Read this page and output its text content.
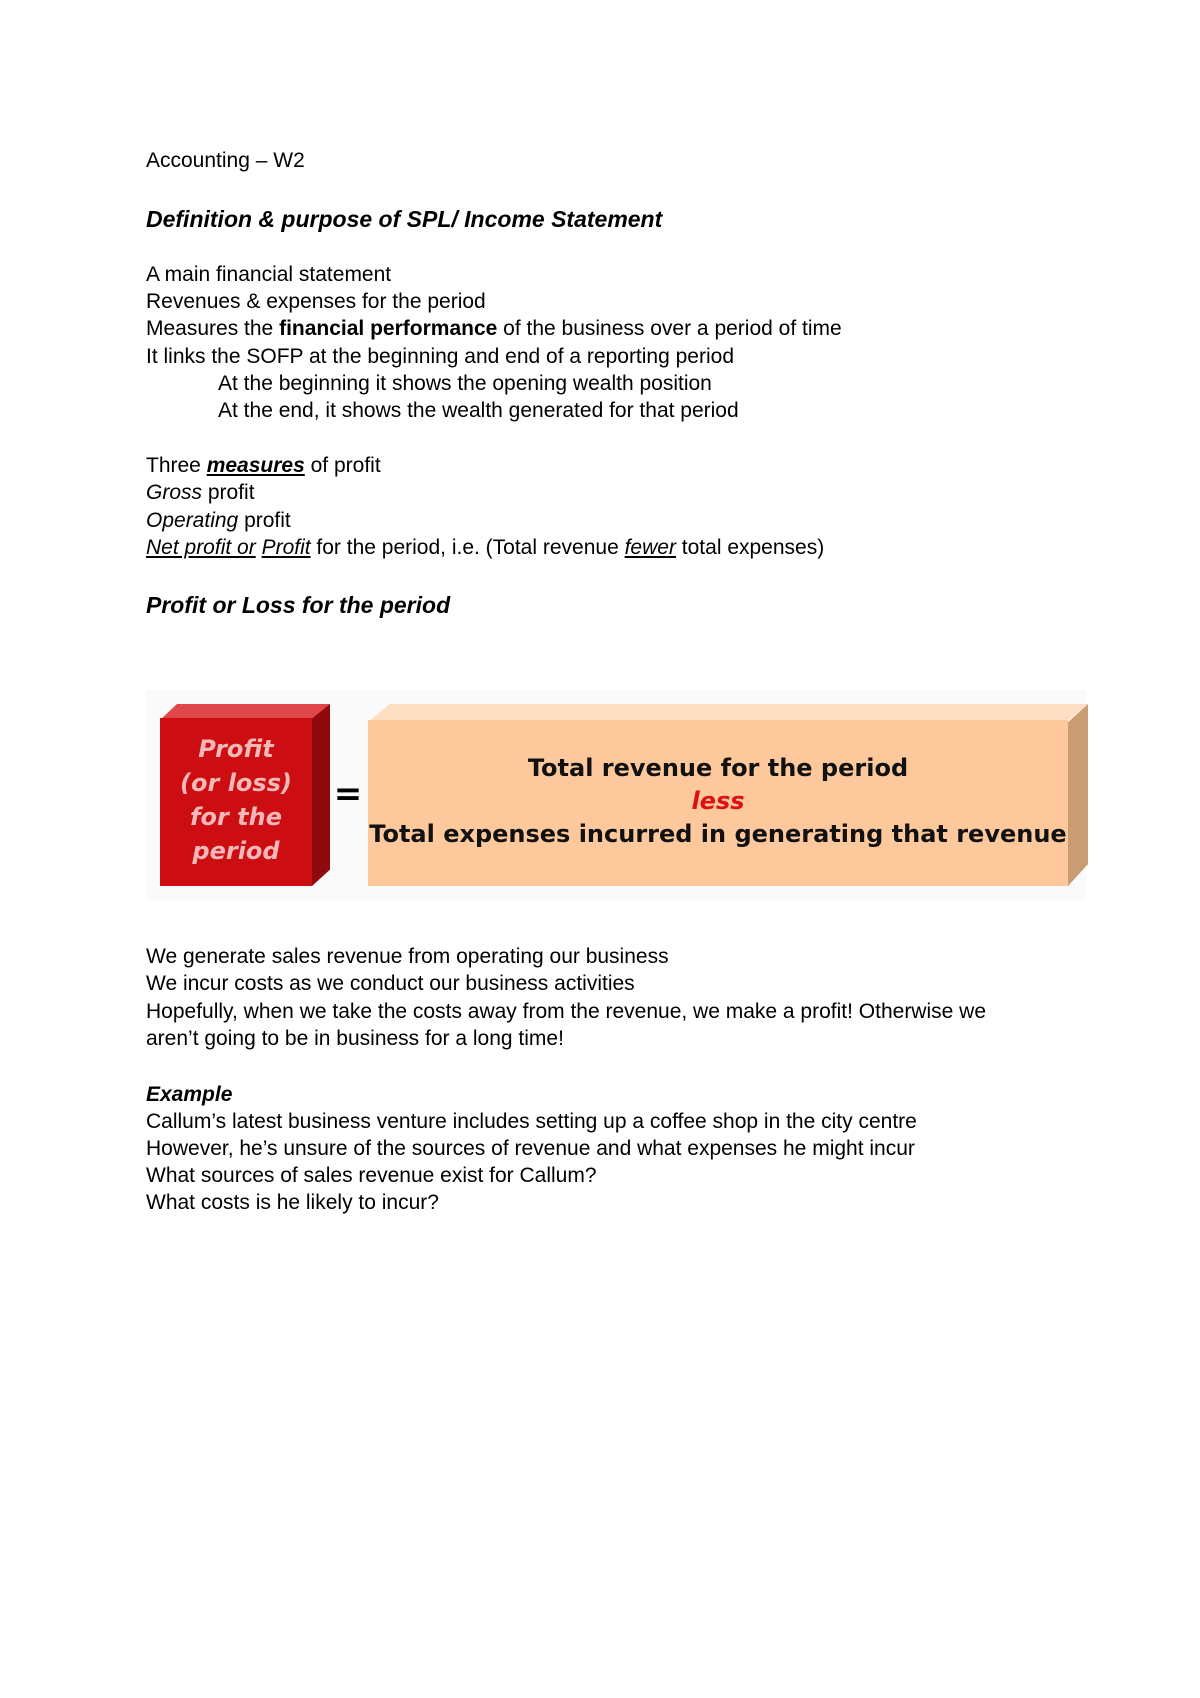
Accounting – W2
Definition & purpose of SPL/ Income Statement
A main financial statement
Revenues & expenses for the period
Measures the financial performance of the business over a period of time
It links the SOFP at the beginning and end of a reporting period
At the beginning it shows the opening wealth position
At the end, it shows the wealth generated for that period
Three measures of profit
Gross profit
Operating profit
Net profit or Profit for the period, i.e. (Total revenue fewer total expenses)
Profit or Loss for the period
Profit
(or loss)
for the
period
=
Total revenue for the period
less
Total expenses incurred in generating that revenue
We generate sales revenue from operating our business
We incur costs as we conduct our business activities
Hopefully, when we take the costs away from the revenue, we make a profit! Otherwise we
aren’t going to be in business for a long time!
Example
Callum’s latest business venture includes setting up a coffee shop in the city centre
However, he’s unsure of the sources of revenue and what expenses he might incur
What sources of sales revenue exist for Callum?
What costs is he likely to incur?
